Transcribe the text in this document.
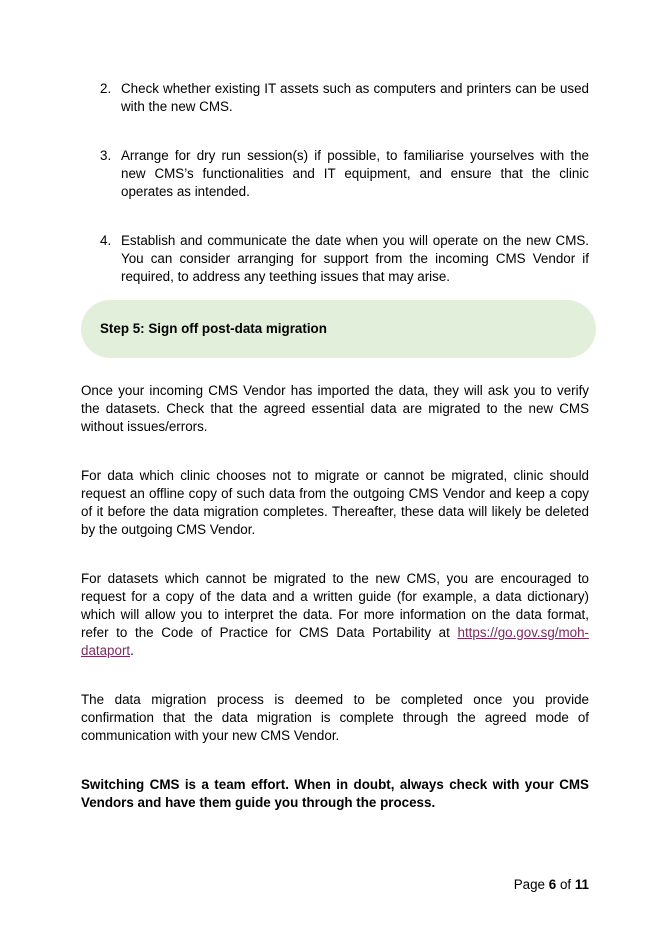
2. Check whether existing IT assets such as computers and printers can be used with the new CMS.
3. Arrange for dry run session(s) if possible, to familiarise yourselves with the new CMS’s functionalities and IT equipment, and ensure that the clinic operates as intended.
4. Establish and communicate the date when you will operate on the new CMS. You can consider arranging for support from the incoming CMS Vendor if required, to address any teething issues that may arise.
Step 5: Sign off post-data migration

Once your incoming CMS Vendor has imported the data, they will ask you to verify the datasets. Check that the agreed essential data are migrated to the new CMS without issues/errors.

For data which clinic chooses not to migrate or cannot be migrated, clinic should request an offline copy of such data from the outgoing CMS Vendor and keep a copy of it before the data migration completes. Thereafter, these data will likely be deleted by the outgoing CMS Vendor.

For datasets which cannot be migrated to the new CMS, you are encouraged to request for a copy of the data and a written guide (for example, a data dictionary) which will allow you to interpret the data. For more information on the data format, refer to the Code of Practice for CMS Data Portability at https://go.gov.sg/moh-dataport.

The data migration process is deemed to be completed once you provide confirmation that the data migration is complete through the agreed mode of communication with your new CMS Vendor.

Switching CMS is a team effort. When in doubt, always check with your CMS Vendors and have them guide you through the process.

Page 6 of 11
